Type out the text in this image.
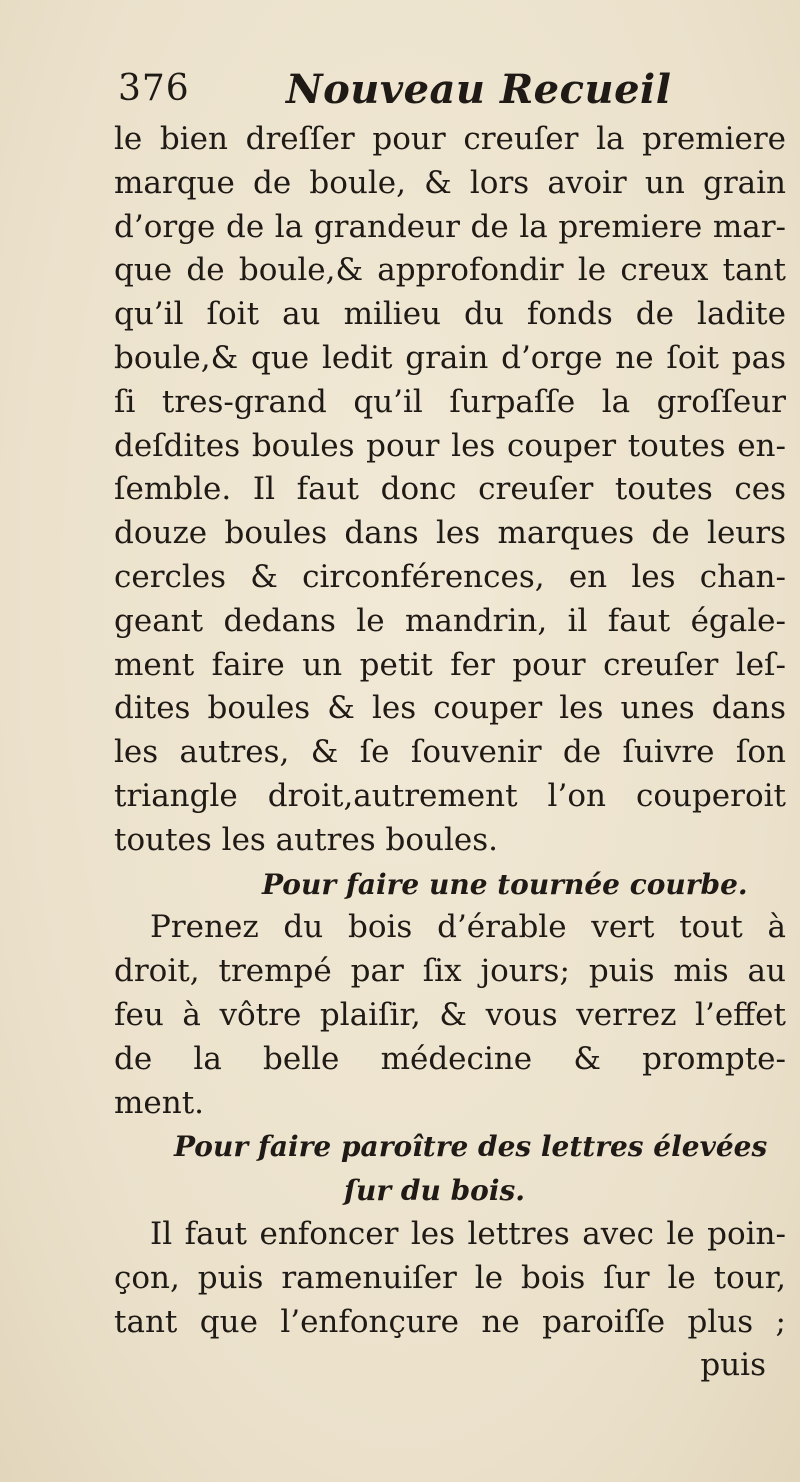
376 Nouveau Recueil
le bien dreſſer pour creuſer la premiere
marque de boule, & lors avoir un grain
d’orge de la grandeur de la premiere mar-
que de boule,& approfondir le creux tant
qu’il ſoit au milieu du fonds de ladite
boule,& que ledit grain d’orge ne ſoit pas
ſi tres-grand qu’il ſurpaſſe la groſſeur
deſdites boules pour les couper toutes en-
ſemble. Il faut donc creuſer toutes ces
douze boules dans les marques de leurs
cercles & circonférences, en les chan-
geant dedans le mandrin, il faut égale-
ment faire un petit fer pour creuſer leſ-
dites boules & les couper les unes dans
les autres, & ſe ſouvenir de ſuivre ſon
triangle droit,autrement l’on couperoit
toutes les autres boules.
Pour faire une tournée courbe.
Prenez du bois d’érable vert tout à
droit, trempé par ſix jours; puis mis au
feu à vôtre plaiſir, & vous verrez l’effet
de la belle médecine & prompte-
ment.
Pour faire paroître des lettres élevées
ſur du bois.
Il faut enfoncer les lettres avec le poin-
çon, puis ramenuiſer le bois ſur le tour,
tant que l’enfonçure ne paroiſſe plus ;
puis
